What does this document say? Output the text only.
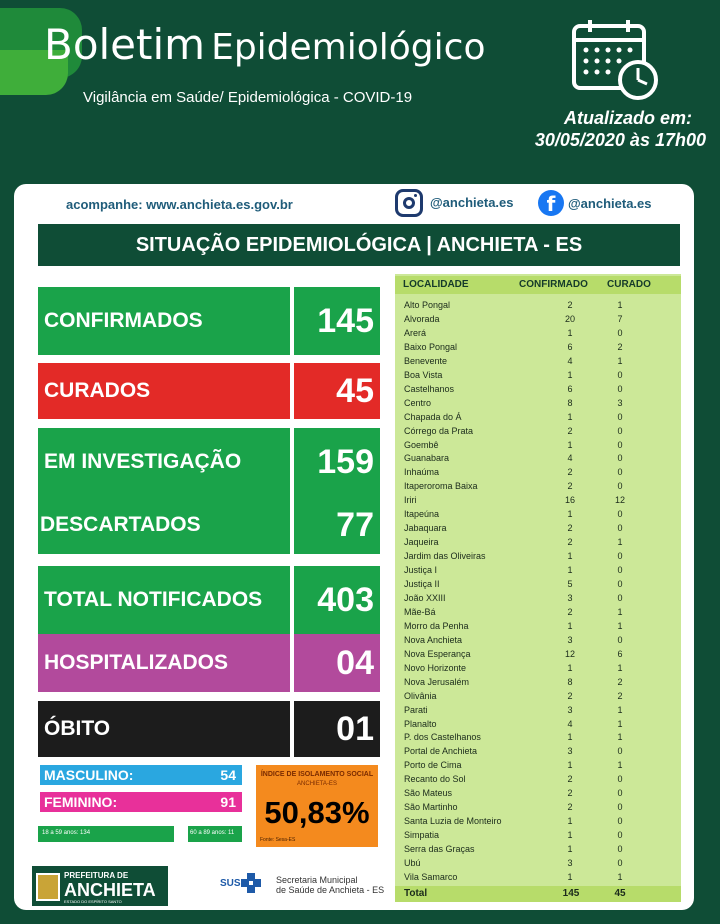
Boletim Epidemiológico
Vigilância em Saúde/ Epidemiológica - COVID-19
Atualizado em:
30/05/2020 às 17h00
acompanhe: www.anchieta.es.gov.br	@anchieta.es	f @anchieta.es
SITUAÇÃO EPIDEMIOLÓGICA | ANCHIETA - ES
CONFIRMADOS	145
CURADOS	45
EM INVESTIGAÇÃO	159
DESCARTADOS	77
TOTAL NOTIFICADOS	403
HOSPITALIZADOS	04
ÓBITO	01
MASCULINO:	54
FEMININO:	91
18 a 59 anos: 134	60 a 89 anos: 11
ÍNDICE DE ISOLAMENTO SOCIAL
ANCHIETA-ES
50,83%
Fonte: Sesa-ES
LOCALIDADE	CONFIRMADO CURADO
Alto Pongal	2	1
Alvorada	20	7
Arerá	1	0
Baixo Pongal	6	2
Benevente	4	1
Boa Vista	1	0
Castelhanos	6	0
Centro	8	3
Chapada do Á	1	0
Córrego da Prata	2	0
Goembê	1	0
Guanabara	4	0
Inhaúma	2	0
Itaperoroma Baixa	2	0
Iriri	16	12
Itapeúna	1	0
Jabaquara	2	0
Jaqueira	2	1
Jardim das Oliveiras	1	0
Justiça I	1	0
Justiça II	5	0
João XXIII	3	0
Mãe-Bá	2	1
Morro da Penha	1	1
Nova Anchieta	3	0
Nova Esperança	12	6
Novo Horizonte	1	1
Nova Jerusalém	8	2
Olivânia	2	2
Parati	3	1
Planalto	4	1
P. dos Castelhanos	1	1
Portal de Anchieta	3	0
Porto de Cima	1	1
Recanto do Sol	2	0
São Mateus	2	0
São Martinho	2	0
Santa Luzia de Monteiro	1	0
Simpatia	1	0
Serra das Graças	1	0
Ubú	3	0
Vila Samarco	1	1
Total	145	45
PREFEITURA DE
ANCHIETA
ESTADO DO ESPÍRITO SANTO
SUS	Secretaria Municipal
de Saúde de Anchieta - ES
